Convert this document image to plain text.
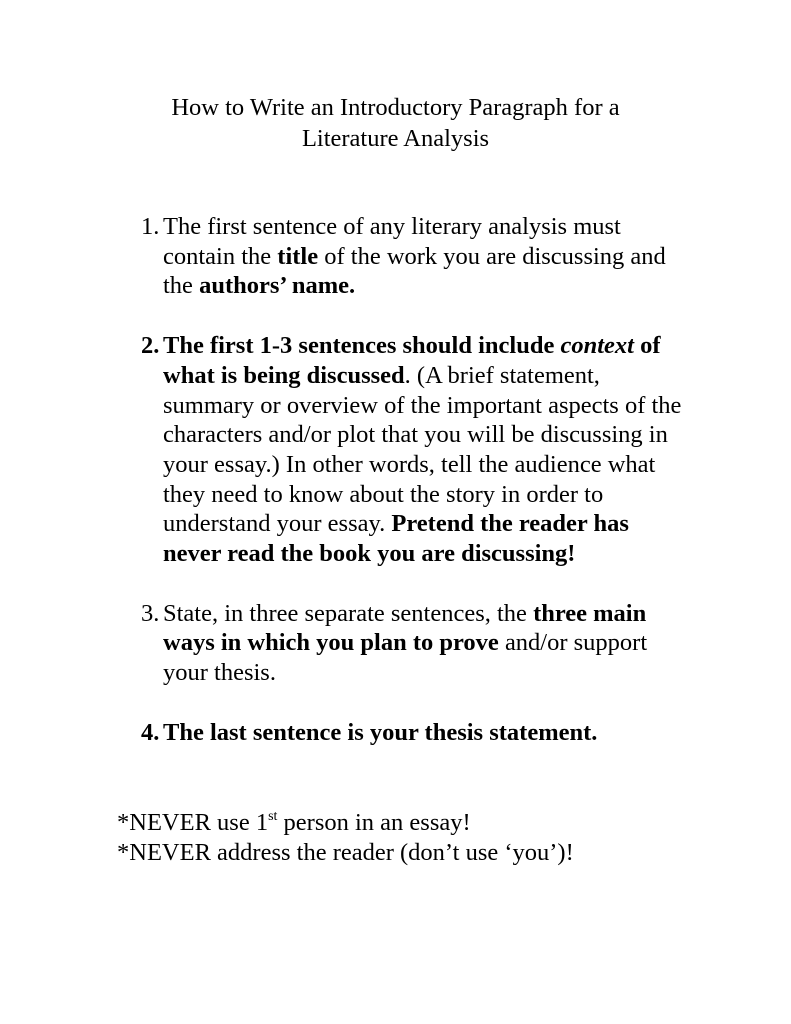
How to Write an Introductory Paragraph for a
Literature Analysis
1. The first sentence of any literary analysis must contain the title of the work you are discussing and the authors’ name.
2. The first 1-3 sentences should include context of what is being discussed. (A brief statement, summary or overview of the important aspects of the characters and/or plot that you will be discussing in your essay.) In other words, tell the audience what they need to know about the story in order to understand your essay. Pretend the reader has never read the book you are discussing!
3. State, in three separate sentences, the three main ways in which you plan to prove and/or support your thesis.
4. The last sentence is your thesis statement.
*NEVER use 1st person in an essay!
*NEVER address the reader (don’t use ‘you’)!
